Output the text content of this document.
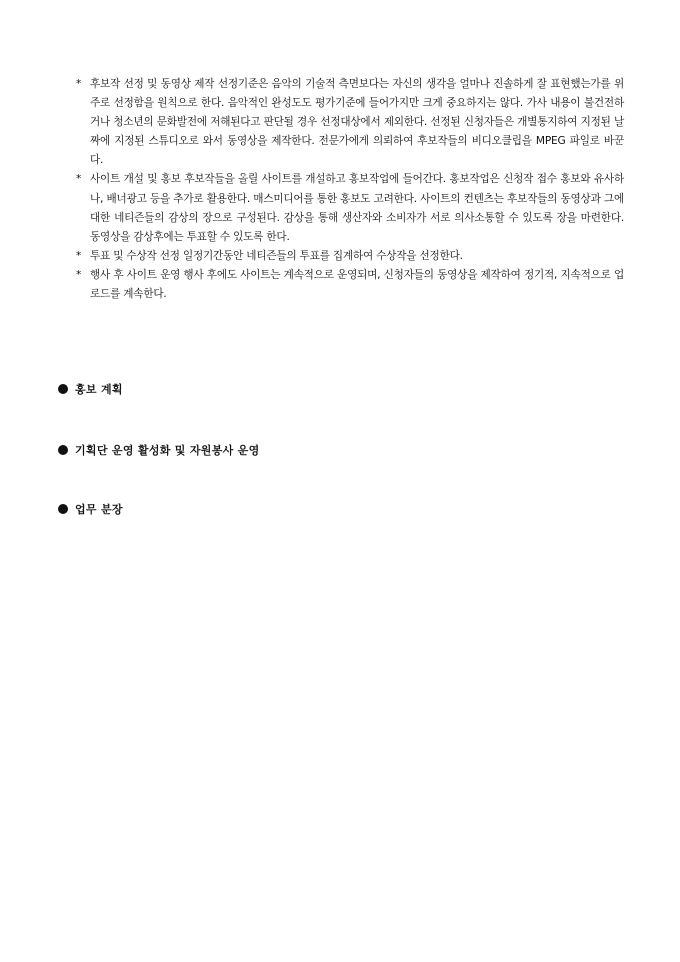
* 후보작 선정 및 동영상 제작 선정기준은 음악의 기술적 측면보다는 자신의 생각을 얼마나 진솔하게 잘 표현했는가를 위주로 선정함을 원칙으로 한다. 음악적인 완성도도 평가기준에 들어가지만 크게 중요하지는 않다. 가사 내용이 불건전하거나 청소년의 문화발전에 저해된다고 판단될 경우 선정대상에서 제외한다. 선정된 신청자들은 개별통지하여 지정된 날짜에 지정된 스튜디오로 와서 동영상을 제작한다. 전문가에게 의뢰하여 후보작들의 비디오클립을 MPEG 파일로 바꾼다.
* 사이트 개설 및 홍보 후보작들을 올릴 사이트를 개설하고 홍보작업에 들어간다. 홍보작업은 신청작 접수 홍보와 유사하나, 배너광고 등을 추가로 활용한다. 매스미디어를 통한 홍보도 고려한다. 사이트의 컨텐츠는 후보작들의 동영상과 그에 대한 네티즌들의 감상의 장으로 구성된다. 감상을 통해 생산자와 소비자가 서로 의사소통할 수 있도록 장을 마련한다. 동영상을 감상후에는 투표할 수 있도록 한다.
* 투표 및 수상작 선정 일정기간동안 네티즌들의 투표를 집계하여 수상작을 선정한다.
* 행사 후 사이트 운영 행사 후에도 사이트는 계속적으로 운영되며, 신청자들의 동영상을 제작하여 정기적, 지속적으로 업로드를 계속한다.
홍보 계획
기획단 운영 활성화 및 자원봉사 운영
업무 분장
